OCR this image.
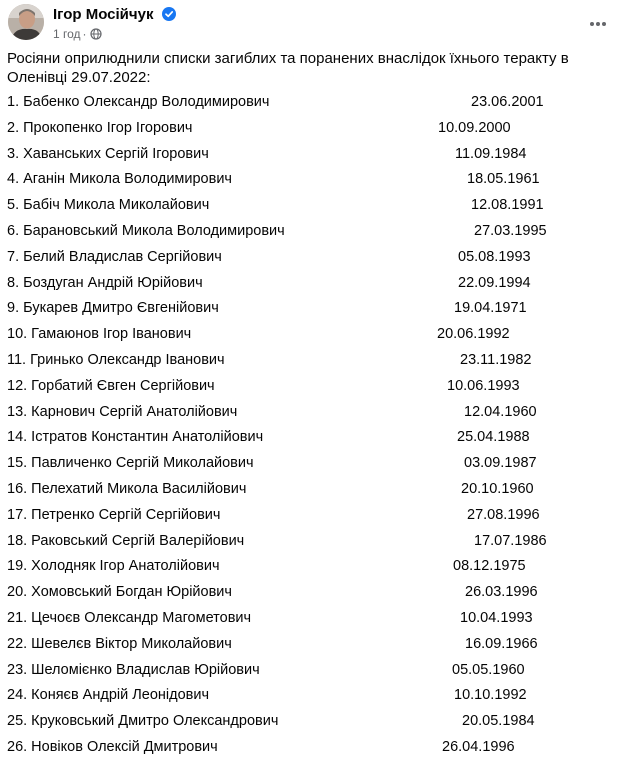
Ігор Мосійчук
1 год ·

Росіяни оприлюднили списки загиблих та поранених внаслідок їхнього теракту в Оленівці 29.07.2022:

1. Бабенко Олександр Володимирович	23.06.2001
2. Прокопенко Ігор Ігорович	10.09.2000
3. Хаванських Сергій Ігорович	11.09.1984
4. Аганін Микола Володимирович	18.05.1961
5. Бабіч Микола Миколайович	12.08.1991
6. Барановський Микола Володимирович	27.03.1995
7. Белий Владислав Сергійович	05.08.1993
8. Боздуган Андрій Юрійович	22.09.1994
9. Букарев Дмитро Євгенійович	19.04.1971
10. Гамаюнов Ігор Іванович	20.06.1992
11. Гринько Олександр Іванович	23.11.1982
12. Горбатий Євген Сергійович	10.06.1993
13. Карнович Сергій Анатолійович	12.04.1960
14. Істратов Константин Анатолійович	25.04.1988
15. Павличенко Сергій Миколайович	03.09.1987
16. Пелехатий Микола Василійович	20.10.1960
17. Петренко Сергій Сергійович	27.08.1996
18. Раковський Сергій Валерійович	17.07.1986
19. Холодняк Ігор Анатолійович	08.12.1975
20. Хомовський Богдан Юрійович	26.03.1996
21. Цечоєв Олександр Магометович	10.04.1993
22. Шевелєв Віктор Миколайович	16.09.1966
23. Шеломієнко Владислав Юрійович	05.05.1960
24. Коняєв Андрій Леонідович	10.10.1992
25. Круковський Дмитро Олександрович	20.05.1984
26. Новіков Олексій Дмитрович	26.04.1996
